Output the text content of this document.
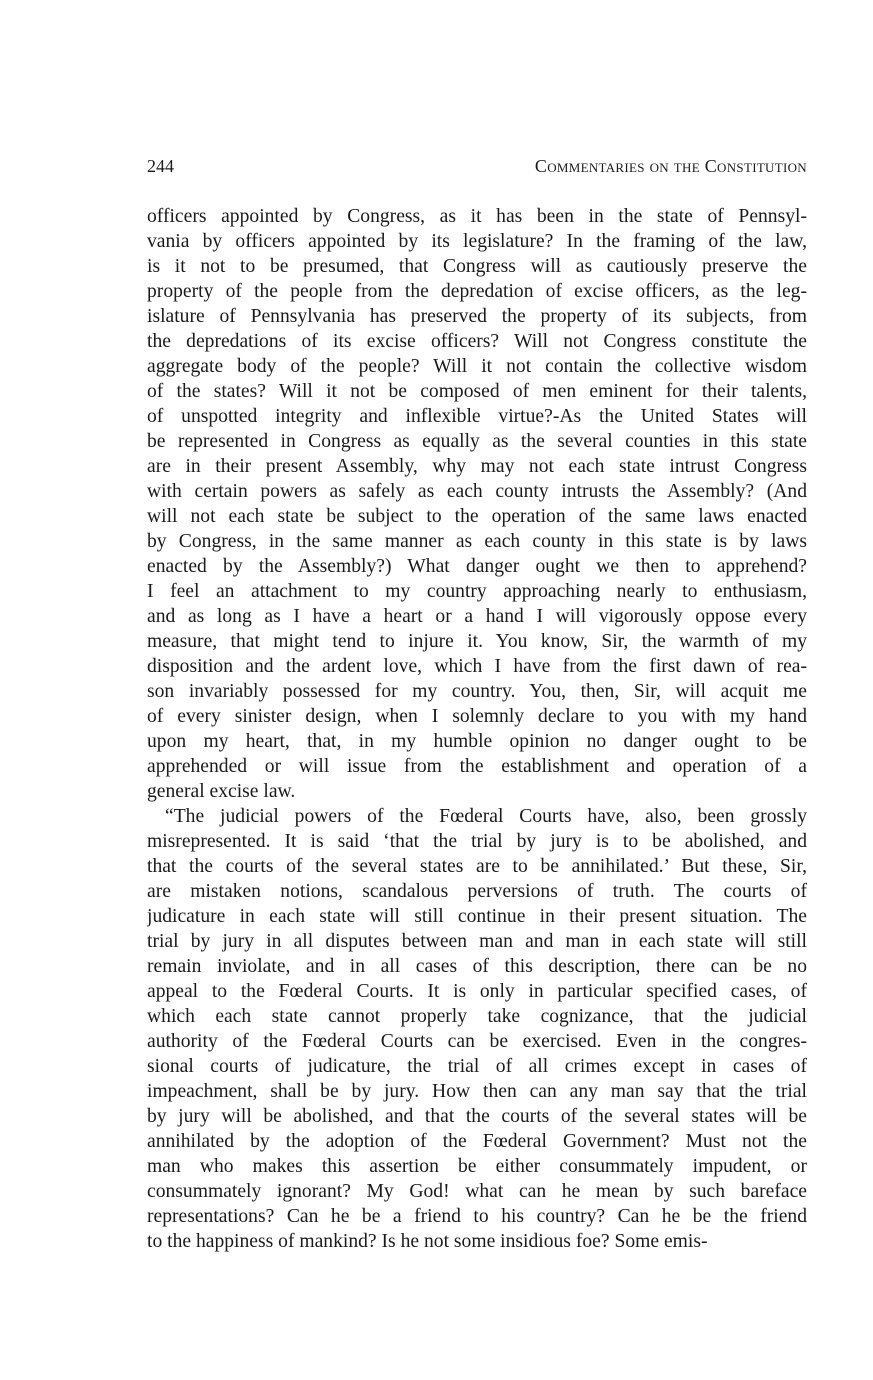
244	Commentaries on the Constitution
officers appointed by Congress, as it has been in the state of Pennsyl-
vania by officers appointed by its legislature? In the framing of the law,
is it not to be presumed, that Congress will as cautiously preserve the
property of the people from the depredation of excise officers, as the leg-
islature of Pennsylvania has preserved the property of its subjects, from
the depredations of its excise officers? Will not Congress constitute the
aggregate body of the people? Will it not contain the collective wisdom
of the states? Will it not be composed of men eminent for their talents,
of unspotted integrity and inflexible virtue?-As the United States will
be represented in Congress as equally as the several counties in this state
are in their present Assembly, why may not each state intrust Congress
with certain powers as safely as each county intrusts the Assembly? (And
will not each state be subject to the operation of the same laws enacted
by Congress, in the same manner as each county in this state is by laws
enacted by the Assembly?) What danger ought we then to apprehend?
I feel an attachment to my country approaching nearly to enthusiasm,
and as long as I have a heart or a hand I will vigorously oppose every
measure, that might tend to injure it. You know, Sir, the warmth of my
disposition and the ardent love, which I have from the first dawn of rea-
son invariably possessed for my country. You, then, Sir, will acquit me
of every sinister design, when I solemnly declare to you with my hand
upon my heart, that, in my humble opinion no danger ought to be
apprehended or will issue from the establishment and operation of a
general excise law.
“The judicial powers of the Fœderal Courts have, also, been grossly
misrepresented. It is said ‘that the trial by jury is to be abolished, and
that the courts of the several states are to be annihilated.’ But these, Sir,
are mistaken notions, scandalous perversions of truth. The courts of
judicature in each state will still continue in their present situation. The
trial by jury in all disputes between man and man in each state will still
remain inviolate, and in all cases of this description, there can be no
appeal to the Fœderal Courts. It is only in particular specified cases, of
which each state cannot properly take cognizance, that the judicial
authority of the Fœderal Courts can be exercised. Even in the congres-
sional courts of judicature, the trial of all crimes except in cases of
impeachment, shall be by jury. How then can any man say that the trial
by jury will be abolished, and that the courts of the several states will be
annihilated by the adoption of the Fœderal Government? Must not the
man who makes this assertion be either consummately impudent, or
consummately ignorant? My God! what can he mean by such bareface
representations? Can he be a friend to his country? Can he be the friend
to the happiness of mankind? Is he not some insidious foe? Some emis-
